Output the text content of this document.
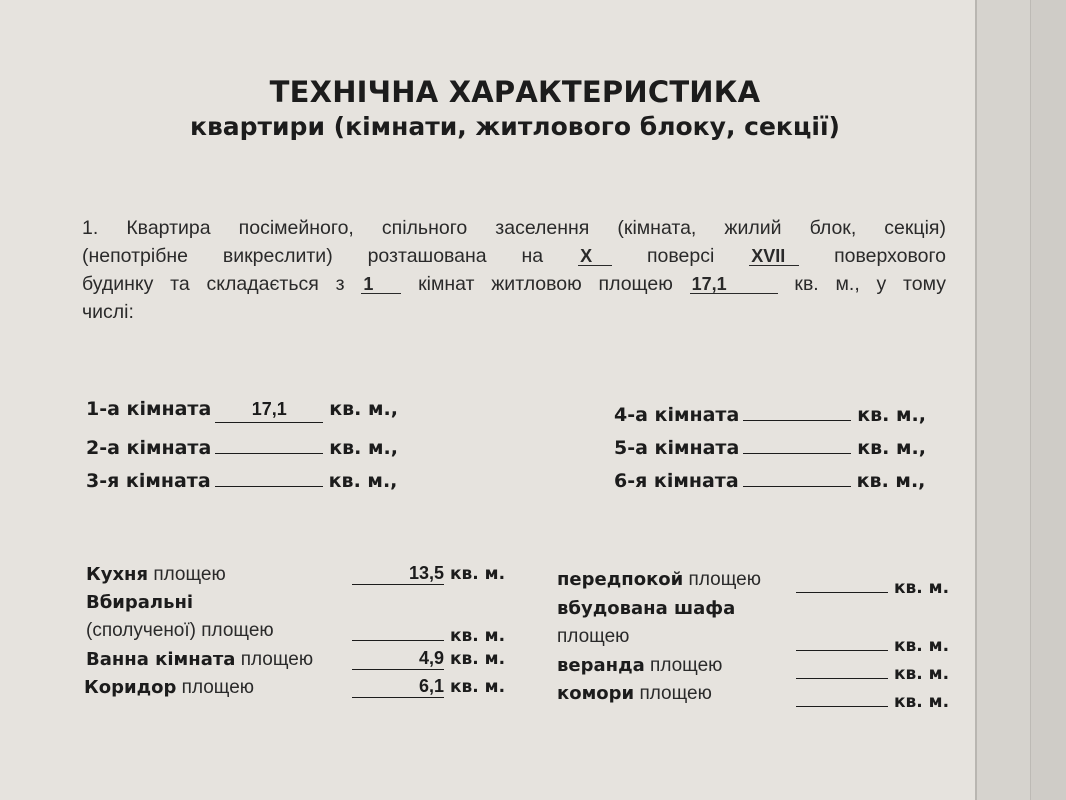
ТЕХНІЧНА ХАРАКТЕРИСТИКА
квартири (кімнати, житлового блоку, секції)
1. Квартира посімейного, спільного заселення (кімната, жилий блок, секція)
(непотрібне викреслити) розташована на X	поверсі XVII	поверхового
будинку та складається з 1 кімнат житловою площею 17,1	кв. м., у тому
числі:
1-а кімната 17,1 кв. м.,
2-а кімната	кв. м.,
3-я кімната	кв. м.,
4-а кімната	кв. м.,
5-а кімната	кв. м.,
6-я кімната	кв. м.,
Кухня площею	13,5 кв. м.
Вбиральні
(сполученої) площею	кв. м.
Ванна кімната площею	4,9 кв. м.
Коридор площею	6,1 кв. м.
передпокой площею	кв. м.
вбудована шафа
площею	кв. м.
веранда площею	кв. м.
комори площею	кв. м.
